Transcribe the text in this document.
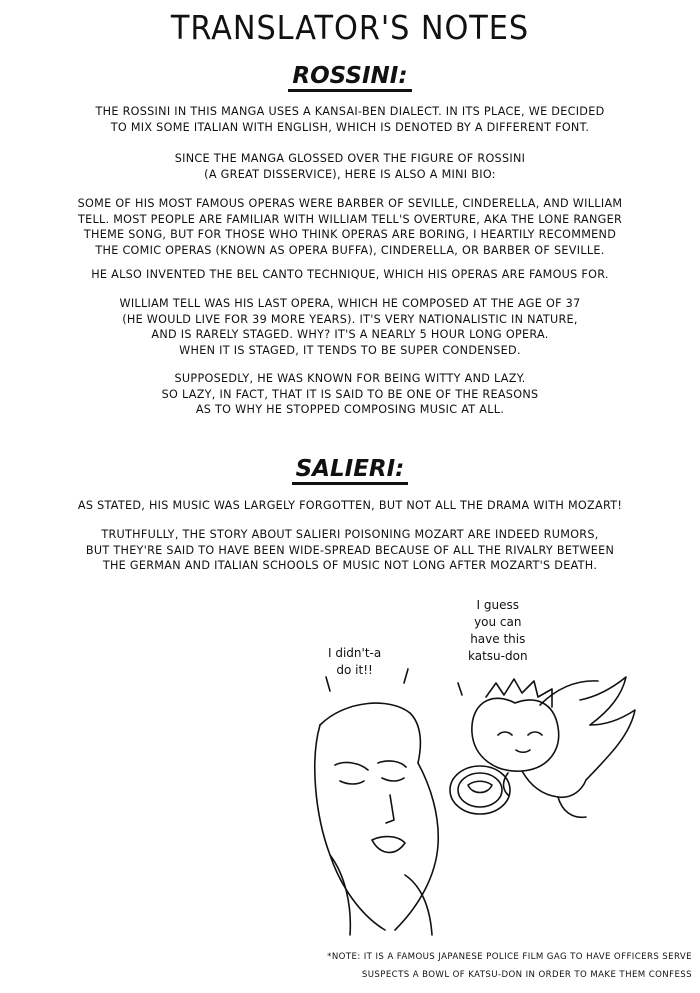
TRANSLATOR'S NOTES
ROSSINI:
THE ROSSINI IN THIS MANGA USES A KANSAI-BEN DIALECT. IN ITS PLACE, WE DECIDED
TO MIX SOME ITALIAN WITH ENGLISH, WHICH IS DENOTED BY A DIFFERENT FONT.
SINCE THE MANGA GLOSSED OVER THE FIGURE OF ROSSINI
(A GREAT DISSERVICE), HERE IS ALSO A MINI BIO:
SOME OF HIS MOST FAMOUS OPERAS WERE BARBER OF SEVILLE, CINDERELLA, AND WILLIAM
TELL. MOST PEOPLE ARE FAMILIAR WITH WILLIAM TELL'S OVERTURE, AKA THE LONE RANGER
THEME SONG, BUT FOR THOSE WHO THINK OPERAS ARE BORING, I HEARTILY RECOMMEND
THE COMIC OPERAS (KNOWN AS OPERA BUFFA), CINDERELLA, OR BARBER OF SEVILLE.
HE ALSO INVENTED THE BEL CANTO TECHNIQUE, WHICH HIS OPERAS ARE FAMOUS FOR.
WILLIAM TELL WAS HIS LAST OPERA, WHICH HE COMPOSED AT THE AGE OF 37
(HE WOULD LIVE FOR 39 MORE YEARS). IT'S VERY NATIONALISTIC IN NATURE,
AND IS RARELY STAGED. WHY? IT'S A NEARLY 5 HOUR LONG OPERA.
WHEN IT IS STAGED, IT TENDS TO BE SUPER CONDENSED.
SUPPOSEDLY, HE WAS KNOWN FOR BEING WITTY AND LAZY.
SO LAZY, IN FACT, THAT IT IS SAID TO BE ONE OF THE REASONS
AS TO WHY HE STOPPED COMPOSING MUSIC AT ALL.
SALIERI:
AS STATED, HIS MUSIC WAS LARGELY FORGOTTEN, BUT NOT ALL THE DRAMA WITH MOZART!
TRUTHFULLY, THE STORY ABOUT SALIERI POISONING MOZART ARE INDEED RUMORS,
BUT THEY'RE SAID TO HAVE BEEN WIDE-SPREAD BECAUSE OF ALL THE RIVALRY BETWEEN
THE GERMAN AND ITALIAN SCHOOLS OF MUSIC NOT LONG AFTER MOZART'S DEATH.
I didn't-a
do it!!
I guess
you can
have this
katsu-don
*NOTE: IT IS A FAMOUS JAPANESE POLICE FILM GAG TO HAVE OFFICERS SERVE
SUSPECTS A BOWL OF KATSU-DON IN ORDER TO MAKE THEM CONFESS
